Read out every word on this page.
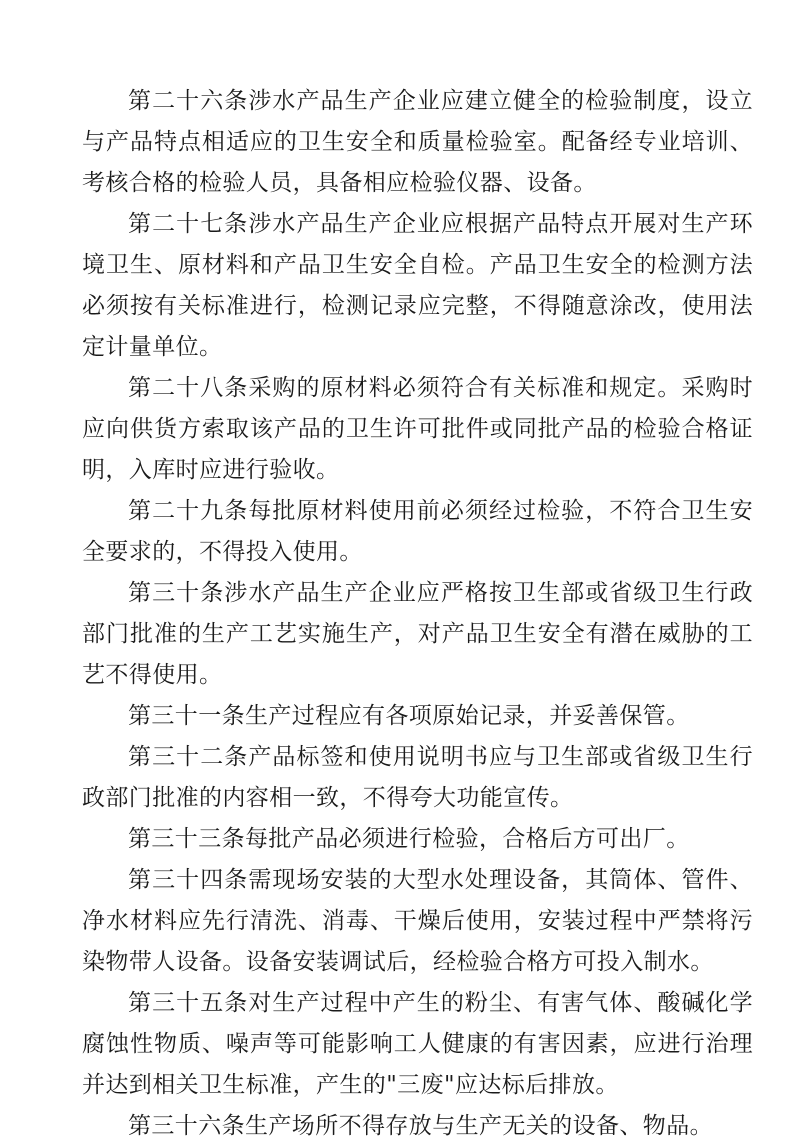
第二十六条涉水产品生产企业应建立健全的检验制度，设立与产品特点相适应的卫生安全和质量检验室。配备经专业培训、考核合格的检验人员，具备相应检验仪器、设备。

第二十七条涉水产品生产企业应根据产品特点开展对生产环境卫生、原材料和产品卫生安全自检。产品卫生安全的检测方法必须按有关标准进行，检测记录应完整，不得随意涂改，使用法定计量单位。

第二十八条采购的原材料必须符合有关标准和规定。采购时应向供货方索取该产品的卫生许可批件或同批产品的检验合格证明，入库时应进行验收。

第二十九条每批原材料使用前必须经过检验，不符合卫生安全要求的，不得投入使用。

第三十条涉水产品生产企业应严格按卫生部或省级卫生行政部门批准的生产工艺实施生产，对产品卫生安全有潜在威胁的工艺不得使用。

第三十一条生产过程应有各项原始记录，并妥善保管。

第三十二条产品标签和使用说明书应与卫生部或省级卫生行政部门批准的内容相一致，不得夸大功能宣传。

第三十三条每批产品必须进行检验，合格后方可出厂。

第三十四条需现场安装的大型水处理设备，其筒体、管件、净水材料应先行清洗、消毒、干燥后使用，安装过程中严禁将污染物带人设备。设备安装调试后，经检验合格方可投入制水。

第三十五条对生产过程中产生的粉尘、有害气体、酸碱化学腐蚀性物质、噪声等可能影响工人健康的有害因素，应进行治理并达到相关卫生标准，产生的"三废"应达标后排放。

第三十六条生产场所不得存放与生产无关的设备、物品。
